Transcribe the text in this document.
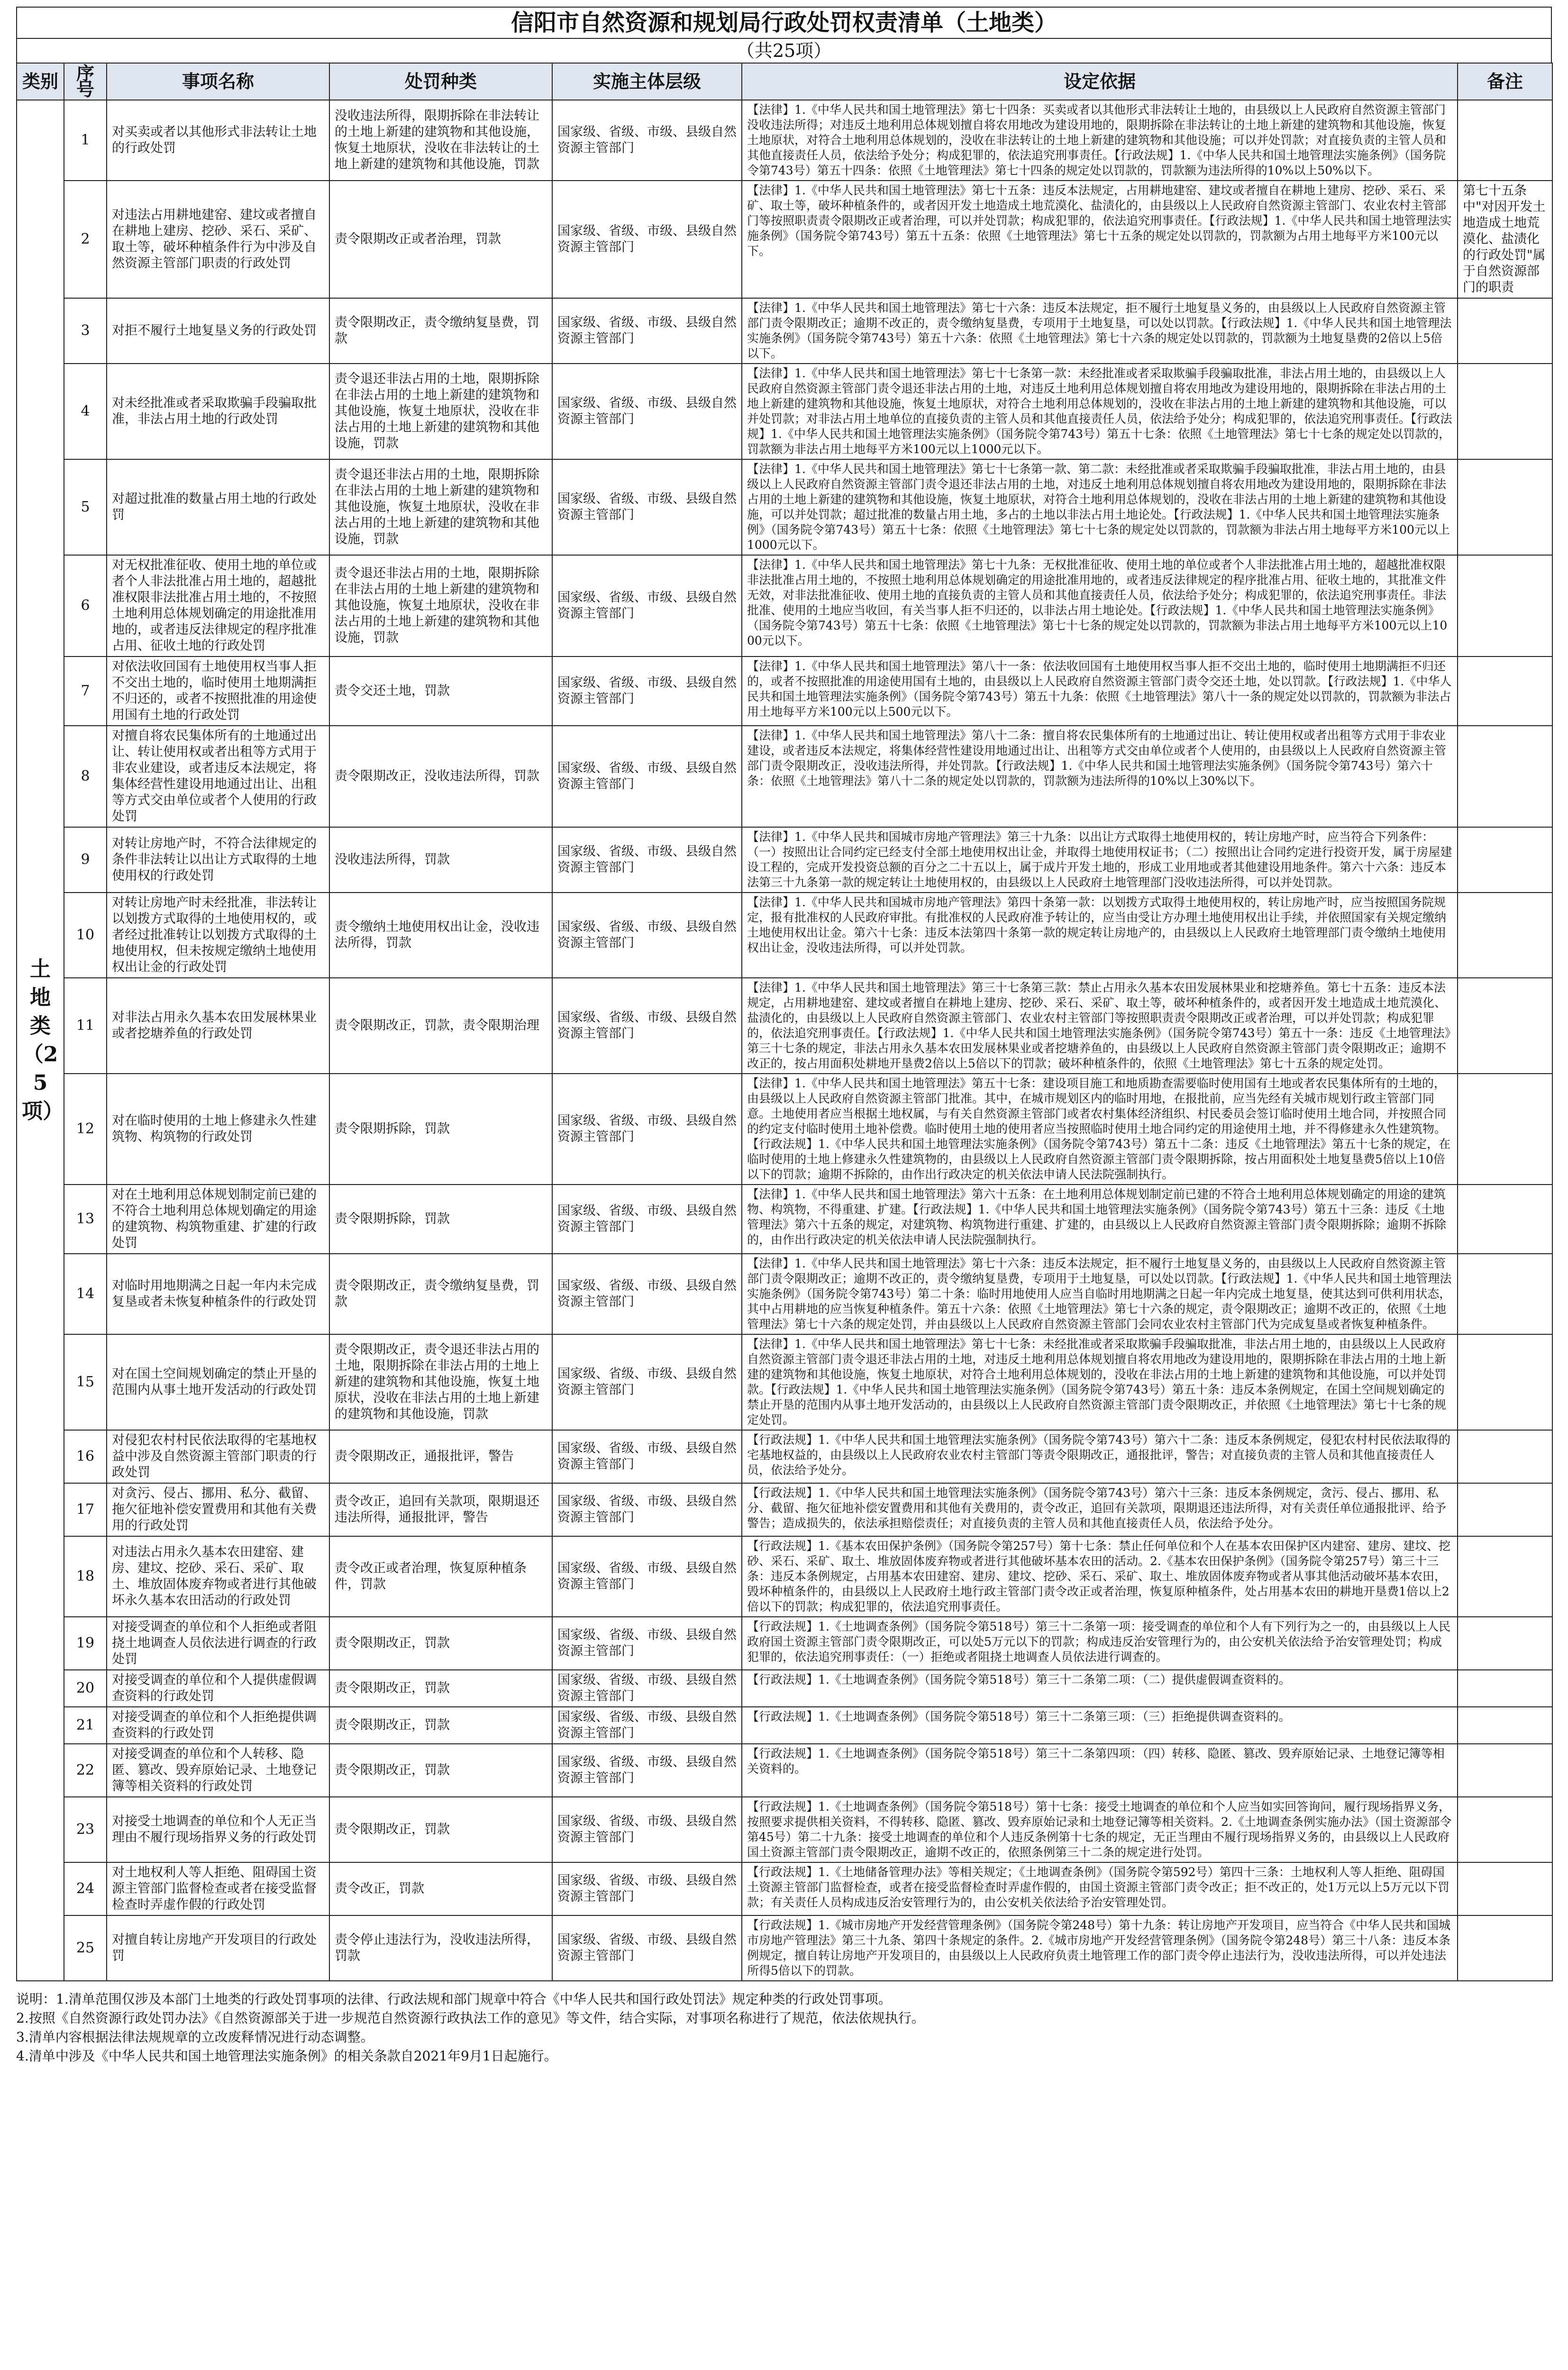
信阳市自然资源和规划局行政处罚权责清单（土地类）
（共25项）
类别	序号	事项名称	处罚种类	实施主体层级	设定依据	备注

土地类
（25项）	1	对买卖或者以其他形式非法转让土地的行政处罚	没收违法所得，限期拆除在非法转让的土地上新建的建筑物和其他设施，恢复土地原状，没收在非法转让的土地上新建的建筑物和其他设施，罚款	国家级、省级、市级、县级自然资源主管部门	【法律】1.《中华人民共和国土地管理法》第七十四条：买卖或者以其他形式非法转让土地的，由县级以上人民政府自然资源主管部门没收违法所得；对违反土地利用总体规划擅自将农用地改为建设用地的，限期拆除在非法转让的土地上新建的建筑物和其他设施，恢复土地原状，对符合土地利用总体规划的，没收在非法转让的土地上新建的建筑物和其他设施；可以并处罚款；对直接负责的主管人员和其他直接责任人员，依法给予处分；构成犯罪的，依法追究刑事责任。【行政法规】1.《中华人民共和国土地管理法实施条例》（国务院令第743号）第五十四条：依照《土地管理法》第七十四条的规定处以罚款的，罚款额为违法所得的10%以上50%以下。	
	2	对违法占用耕地建窑、建坟或者擅自在耕地上建房、挖砂、采石、采矿、取土等，破坏种植条件行为中涉及自然资源主管部门职责的行政处罚	责令限期改正或者治理，罚款	国家级、省级、市级、县级自然资源主管部门	【法律】1.《中华人民共和国土地管理法》第七十五条：违反本法规定，占用耕地建窑、建坟或者擅自在耕地上建房、挖砂、采石、采矿、取土等，破坏种植条件的，或者因开发土地造成土地荒漠化、盐渍化的，由县级以上人民政府自然资源主管部门、农业农村主管部门等按照职责责令限期改正或者治理，可以并处罚款；构成犯罪的，依法追究刑事责任。【行政法规】1.《中华人民共和国土地管理法实施条例》（国务院令第743号）第五十五条：依照《土地管理法》第七十五条的规定处以罚款的，罚款额为占用土地每平方米100元以下。	第七十五条中"对因开发土地造成土地荒漠化、盐渍化的行政处罚"属于自然资源部门的职责
	3	对拒不履行土地复垦义务的行政处罚	责令限期改正，责令缴纳复垦费，罚款	国家级、省级、市级、县级自然资源主管部门	【法律】1.《中华人民共和国土地管理法》第七十六条：违反本法规定，拒不履行土地复垦义务的，由县级以上人民政府自然资源主管部门责令限期改正；逾期不改正的，责令缴纳复垦费，专项用于土地复垦，可以处以罚款。【行政法规】1.《中华人民共和国土地管理法实施条例》（国务院令第743号）第五十六条：依照《土地管理法》第七十六条的规定处以罚款的，罚款额为土地复垦费的2倍以上5倍以下。	
	4	对未经批准或者采取欺骗手段骗取批准，非法占用土地的行政处罚	责令退还非法占用的土地，限期拆除在非法占用的土地上新建的建筑物和其他设施，恢复土地原状，没收在非法占用的土地上新建的建筑物和其他设施，罚款	国家级、省级、市级、县级自然资源主管部门	【法律】1.《中华人民共和国土地管理法》第七十七条第一款：未经批准或者采取欺骗手段骗取批准，非法占用土地的，由县级以上人民政府自然资源主管部门责令退还非法占用的土地，对违反土地利用总体规划擅自将农用地改为建设用地的，限期拆除在非法占用的土地上新建的建筑物和其他设施，恢复土地原状，对符合土地利用总体规划的，没收在非法占用的土地上新建的建筑物和其他设施，可以并处罚款；对非法占用土地单位的直接负责的主管人员和其他直接责任人员，依法给予处分；构成犯罪的，依法追究刑事责任。【行政法规】1.《中华人民共和国土地管理法实施条例》（国务院令第743号）第五十七条：依照《土地管理法》第七十七条的规定处以罚款的，罚款额为非法占用土地每平方米100元以上1000元以下。	
	5	对超过批准的数量占用土地的行政处罚	责令退还非法占用的土地，限期拆除在非法占用的土地上新建的建筑物和其他设施，恢复土地原状，没收在非法占用的土地上新建的建筑物和其他设施，罚款	国家级、省级、市级、县级自然资源主管部门	【法律】1.《中华人民共和国土地管理法》第七十七条第一款、第二款：未经批准或者采取欺骗手段骗取批准，非法占用土地的，由县级以上人民政府自然资源主管部门责令退还非法占用的土地，对违反土地利用总体规划擅自将农用地改为建设用地的，限期拆除在非法占用的土地上新建的建筑物和其他设施，恢复土地原状，对符合土地利用总体规划的，没收在非法占用的土地上新建的建筑物和其他设施，可以并处罚款；超过批准的数量占用土地，多占的土地以非法占用土地论处。【行政法规】1.《中华人民共和国土地管理法实施条例》（国务院令第743号）第五十七条：依照《土地管理法》第七十七条的规定处以罚款的，罚款额为非法占用土地每平方米100元以上1000元以下。	
	6	对无权批准征收、使用土地的单位或者个人非法批准占用土地的，超越批准权限非法批准占用土地的，不按照土地利用总体规划确定的用途批准用地的，或者违反法律规定的程序批准占用、征收土地的行政处罚	责令退还非法占用的土地，限期拆除在非法占用的土地上新建的建筑物和其他设施，恢复土地原状，没收在非法占用的土地上新建的建筑物和其他设施，罚款	国家级、省级、市级、县级自然资源主管部门	【法律】1.《中华人民共和国土地管理法》第七十九条：无权批准征收、使用土地的单位或者个人非法批准占用土地的，超越批准权限非法批准占用土地的，不按照土地利用总体规划确定的用途批准用地的，或者违反法律规定的程序批准占用、征收土地的，其批准文件无效，对非法批准征收、使用土地的直接负责的主管人员和其他直接责任人员，依法给予处分；构成犯罪的，依法追究刑事责任。非法批准、使用的土地应当收回，有关当事人拒不归还的，以非法占用土地论处。【行政法规】1.《中华人民共和国土地管理法实施条例》（国务院令第743号）第五十七条：依照《土地管理法》第七十七条的规定处以罚款的，罚款额为非法占用土地每平方米100元以上1000元以下。	
	7	对依法收回国有土地使用权当事人拒不交出土地的，临时使用土地期满拒不归还的，或者不按照批准的用途使用国有土地的行政处罚	责令交还土地，罚款	国家级、省级、市级、县级自然资源主管部门	【法律】1.《中华人民共和国土地管理法》第八十一条：依法收回国有土地使用权当事人拒不交出土地的，临时使用土地期满拒不归还的，或者不按照批准的用途使用国有土地的，由县级以上人民政府自然资源主管部门责令交还土地，处以罚款。【行政法规】1.《中华人民共和国土地管理法实施条例》（国务院令第743号）第五十九条：依照《土地管理法》第八十一条的规定处以罚款的，罚款额为非法占用土地每平方米100元以上500元以下。	
	8	对擅自将农民集体所有的土地通过出让、转让使用权或者出租等方式用于非农业建设，或者违反本法规定，将集体经营性建设用地通过出让、出租等方式交由单位或者个人使用的行政处罚	责令限期改正，没收违法所得，罚款	国家级、省级、市级、县级自然资源主管部门	【法律】1.《中华人民共和国土地管理法》第八十二条：擅自将农民集体所有的土地通过出让、转让使用权或者出租等方式用于非农业建设，或者违反本法规定，将集体经营性建设用地通过出让、出租等方式交由单位或者个人使用的，由县级以上人民政府自然资源主管部门责令限期改正，没收违法所得，并处罚款。【行政法规】1.《中华人民共和国土地管理法实施条例》（国务院令第743号）第六十条：依照《土地管理法》第八十二条的规定处以罚款的，罚款额为违法所得的10%以上30%以下。	
	9	对转让房地产时，不符合法律规定的条件非法转让以出让方式取得的土地使用权的行政处罚	没收违法所得，罚款	国家级、省级、市级、县级自然资源主管部门	【法律】1.《中华人民共和国城市房地产管理法》第三十九条：以出让方式取得土地使用权的，转让房地产时，应当符合下列条件：（一）按照出让合同约定已经支付全部土地使用权出让金，并取得土地使用权证书；（二）按照出让合同约定进行投资开发，属于房屋建设工程的，完成开发投资总额的百分之二十五以上，属于成片开发土地的，形成工业用地或者其他建设用地条件。第六十六条：违反本法第三十九条第一款的规定转让土地使用权的，由县级以上人民政府土地管理部门没收违法所得，可以并处罚款。	
	10	对转让房地产时未经批准，非法转让以划拨方式取得的土地使用权的，或者经过批准转让以划拨方式取得的土地使用权，但未按规定缴纳土地使用权出让金的行政处罚	责令缴纳土地使用权出让金，没收违法所得，罚款	国家级、省级、市级、县级自然资源主管部门	【法律】1.《中华人民共和国城市房地产管理法》第四十条第一款：以划拨方式取得土地使用权的，转让房地产时，应当按照国务院规定，报有批准权的人民政府审批。有批准权的人民政府准予转让的，应当由受让方办理土地使用权出让手续，并依照国家有关规定缴纳土地使用权出让金。第六十七条：违反本法第四十条第一款的规定转让房地产的，由县级以上人民政府土地管理部门责令缴纳土地使用权出让金，没收违法所得，可以并处罚款。	
	11	对非法占用永久基本农田发展林果业或者挖塘养鱼的行政处罚	责令限期改正，罚款，责令限期治理	国家级、省级、市级、县级自然资源主管部门	【法律】1.《中华人民共和国土地管理法》第三十七条第三款：禁止占用永久基本农田发展林果业和挖塘养鱼。第七十五条：违反本法规定，占用耕地建窑、建坟或者擅自在耕地上建房、挖砂、采石、采矿、取土等，破坏种植条件的，或者因开发土地造成土地荒漠化、盐渍化的，由县级以上人民政府自然资源主管部门、农业农村主管部门等按照职责责令限期改正或者治理，可以并处罚款；构成犯罪的，依法追究刑事责任。【行政法规】1.《中华人民共和国土地管理法实施条例》（国务院令第743号）第五十一条：违反《土地管理法》第三十七条的规定，非法占用永久基本农田发展林果业或者挖塘养鱼的，由县级以上人民政府自然资源主管部门责令限期改正；逾期不改正的，按占用面积处耕地开垦费2倍以上5倍以下的罚款；破坏种植条件的，依照《土地管理法》第七十五条的规定处罚。	
	12	对在临时使用的土地上修建永久性建筑物、构筑物的行政处罚	责令限期拆除，罚款	国家级、省级、市级、县级自然资源主管部门	【法律】1.《中华人民共和国土地管理法》第五十七条：建设项目施工和地质勘查需要临时使用国有土地或者农民集体所有的土地的，由县级以上人民政府自然资源主管部门批准。其中，在城市规划区内的临时用地，在报批前，应当先经有关城市规划行政主管部门同意。土地使用者应当根据土地权属，与有关自然资源主管部门或者农村集体经济组织、村民委员会签订临时使用土地合同，并按照合同的约定支付临时使用土地补偿费。临时使用土地的使用者应当按照临时使用土地合同约定的用途使用土地，并不得修建永久性建筑物。【行政法规】1.《中华人民共和国土地管理法实施条例》（国务院令第743号）第五十二条：违反《土地管理法》第五十七条的规定，在临时使用的土地上修建永久性建筑物的，由县级以上人民政府自然资源主管部门责令限期拆除，按占用面积处土地复垦费5倍以上10倍以下的罚款；逾期不拆除的，由作出行政决定的机关依法申请人民法院强制执行。	
	13	对在土地利用总体规划制定前已建的不符合土地利用总体规划确定的用途的建筑物、构筑物重建、扩建的行政处罚	责令限期拆除，罚款	国家级、省级、市级、县级自然资源主管部门	【法律】1.《中华人民共和国土地管理法》第六十五条：在土地利用总体规划制定前已建的不符合土地利用总体规划确定的用途的建筑物、构筑物，不得重建、扩建。【行政法规】1.《中华人民共和国土地管理法实施条例》（国务院令第743号）第五十三条：违反《土地管理法》第六十五条的规定，对建筑物、构筑物进行重建、扩建的，由县级以上人民政府自然资源主管部门责令限期拆除；逾期不拆除的，由作出行政决定的机关依法申请人民法院强制执行。	
	14	对临时用地期满之日起一年内未完成复垦或者未恢复种植条件的行政处罚	责令限期改正，责令缴纳复垦费，罚款	国家级、省级、市级、县级自然资源主管部门	【法律】1.《中华人民共和国土地管理法》第七十六条：违反本法规定，拒不履行土地复垦义务的，由县级以上人民政府自然资源主管部门责令限期改正；逾期不改正的，责令缴纳复垦费，专项用于土地复垦，可以处以罚款。【行政法规】1.《中华人民共和国土地管理法实施条例》（国务院令第743号）第二十条：临时用地使用人应当自临时用地期满之日起一年内完成土地复垦，使其达到可供利用状态，其中占用耕地的应当恢复种植条件。第五十六条：依照《土地管理法》第七十六条的规定，责令限期改正；逾期不改正的，依照《土地管理法》第七十六条的规定处罚，并由县级以上人民政府自然资源主管部门会同农业农村主管部门代为完成复垦或者恢复种植条件。	
	15	对在国土空间规划确定的禁止开垦的范围内从事土地开发活动的行政处罚	责令限期改正，责令退还非法占用的土地，限期拆除在非法占用的土地上新建的建筑物和其他设施，恢复土地原状，没收在非法占用的土地上新建的建筑物和其他设施，罚款	国家级、省级、市级、县级自然资源主管部门	【法律】1.《中华人民共和国土地管理法》第七十七条：未经批准或者采取欺骗手段骗取批准，非法占用土地的，由县级以上人民政府自然资源主管部门责令退还非法占用的土地，对违反土地利用总体规划擅自将农用地改为建设用地的，限期拆除在非法占用的土地上新建的建筑物和其他设施，恢复土地原状，对符合土地利用总体规划的，没收在非法占用的土地上新建的建筑物和其他设施，可以并处罚款。【行政法规】1.《中华人民共和国土地管理法实施条例》（国务院令第743号）第五十条：违反本条例规定，在国土空间规划确定的禁止开垦的范围内从事土地开发活动的，由县级以上人民政府自然资源主管部门责令限期改正，并依照《土地管理法》第七十七条的规定处罚。	
	16	对侵犯农村村民依法取得的宅基地权益中涉及自然资源主管部门职责的行政处罚	责令限期改正，通报批评，警告	国家级、省级、市级、县级自然资源主管部门	【行政法规】1.《中华人民共和国土地管理法实施条例》（国务院令第743号）第六十二条：违反本条例规定，侵犯农村村民依法取得的宅基地权益的，由县级以上人民政府农业农村主管部门等责令限期改正，通报批评，警告；对直接负责的主管人员和其他直接责任人员，依法给予处分。	
	17	对贪污、侵占、挪用、私分、截留、拖欠征地补偿安置费用和其他有关费用的行政处罚	责令改正，追回有关款项，限期退还违法所得，通报批评，警告	国家级、省级、市级、县级自然资源主管部门	【行政法规】1.《中华人民共和国土地管理法实施条例》（国务院令第743号）第六十三条：违反本条例规定，贪污、侵占、挪用、私分、截留、拖欠征地补偿安置费用和其他有关费用的，责令改正，追回有关款项，限期退还违法所得，对有关责任单位通报批评、给予警告；造成损失的，依法承担赔偿责任；对直接负责的主管人员和其他直接责任人员，依法给予处分。	
	18	对违法占用永久基本农田建窑、建房、建坟、挖砂、采石、采矿、取土、堆放固体废弃物或者进行其他破坏永久基本农田活动的行政处罚	责令改正或者治理，恢复原种植条件，罚款	国家级、省级、市级、县级自然资源主管部门	【行政法规】1.《基本农田保护条例》（国务院令第257号）第十七条：禁止任何单位和个人在基本农田保护区内建窑、建房、建坟、挖砂、采石、采矿、取土、堆放固体废弃物或者进行其他破坏基本农田的活动。2.《基本农田保护条例》（国务院令第257号）第三十三条：违反本条例规定，占用基本农田建窑、建房、建坟、挖砂、采石、采矿、取土、堆放固体废弃物或者从事其他活动破坏基本农田，毁坏种植条件的，由县级以上人民政府土地行政主管部门责令改正或者治理，恢复原种植条件，处占用基本农田的耕地开垦费1倍以上2倍以下的罚款；构成犯罪的，依法追究刑事责任。	
	19	对接受调查的单位和个人拒绝或者阻挠土地调查人员依法进行调查的行政处罚	责令限期改正，罚款	国家级、省级、市级、县级自然资源主管部门	【行政法规】1.《土地调查条例》（国务院令第518号）第三十二条第一项：接受调查的单位和个人有下列行为之一的，由县级以上人民政府国土资源主管部门责令限期改正，可以处5万元以下的罚款；构成违反治安管理行为的，由公安机关依法给予治安管理处罚；构成犯罪的，依法追究刑事责任：（一）拒绝或者阻挠土地调查人员依法进行调查的。	
	20	对接受调查的单位和个人提供虚假调查资料的行政处罚	责令限期改正，罚款	国家级、省级、市级、县级自然资源主管部门	【行政法规】1.《土地调查条例》（国务院令第518号）第三十二条第二项：（二）提供虚假调查资料的。	
	21	对接受调查的单位和个人拒绝提供调查资料的行政处罚	责令限期改正，罚款	国家级、省级、市级、县级自然资源主管部门	【行政法规】1.《土地调查条例》（国务院令第518号）第三十二条第三项：（三）拒绝提供调查资料的。	
	22	对接受调查的单位和个人转移、隐匿、篡改、毁弃原始记录、土地登记簿等相关资料的行政处罚	责令限期改正，罚款	国家级、省级、市级、县级自然资源主管部门	【行政法规】1.《土地调查条例》（国务院令第518号）第三十二条第四项：（四）转移、隐匿、篡改、毁弃原始记录、土地登记簿等相关资料的。	
	23	对接受土地调查的单位和个人无正当理由不履行现场指界义务的行政处罚	责令限期改正，罚款	国家级、省级、市级、县级自然资源主管部门	【行政法规】1.《土地调查条例》（国务院令第518号）第十七条：接受土地调查的单位和个人应当如实回答询问，履行现场指界义务，按照要求提供相关资料，不得转移、隐匿、篡改、毁弃原始记录和土地登记簿等相关资料。2.《土地调查条例实施办法》（国土资源部令第45号）第二十九条：接受土地调查的单位和个人违反条例第十七条的规定，无正当理由不履行现场指界义务的，由县级以上人民政府国土资源主管部门责令限期改正，逾期不改正的，依照条例第三十二条的规定进行处罚。	
	24	对土地权利人等人拒绝、阻碍国土资源主管部门监督检查或者在接受监督检查时弄虚作假的行政处罚	责令改正，罚款	国家级、省级、市级、县级自然资源主管部门	【行政法规】1.《土地储备管理办法》等相关规定；《土地调查条例》（国务院令第592号）第四十三条：土地权利人等人拒绝、阻碍国土资源主管部门监督检查，或者在接受监督检查时弄虚作假的，由国土资源主管部门责令改正；拒不改正的，处1万元以上5万元以下罚款；有关责任人员构成违反治安管理行为的，由公安机关依法给予治安管理处罚。	
	25	对擅自转让房地产开发项目的行政处罚	责令停止违法行为，没收违法所得，罚款	国家级、省级、市级、县级自然资源主管部门	【行政法规】1.《城市房地产开发经营管理条例》（国务院令第248号）第十九条：转让房地产开发项目，应当符合《中华人民共和国城市房地产管理法》第三十九条、第四十条规定的条件。2.《城市房地产开发经营管理条例》（国务院令第248号）第三十八条：违反本条例规定，擅自转让房地产开发项目的，由县级以上人民政府负责土地管理工作的部门责令停止违法行为，没收违法所得，可以并处违法所得5倍以下的罚款。	
说明：1.清单范围仅涉及本部门土地类的行政处罚事项的法律、行政法规和部门规章中符合《中华人民共和国行政处罚法》规定种类的行政处罚事项。
2.按照《自然资源行政处罚办法》《自然资源部关于进一步规范自然资源行政执法工作的意见》等文件，结合实际，对事项名称进行了规范，依法依规执行。
3.清单内容根据法律法规规章的立改废释情况进行动态调整。
4.清单中涉及《中华人民共和国土地管理法实施条例》的相关条款自2021年9月1日起施行。
